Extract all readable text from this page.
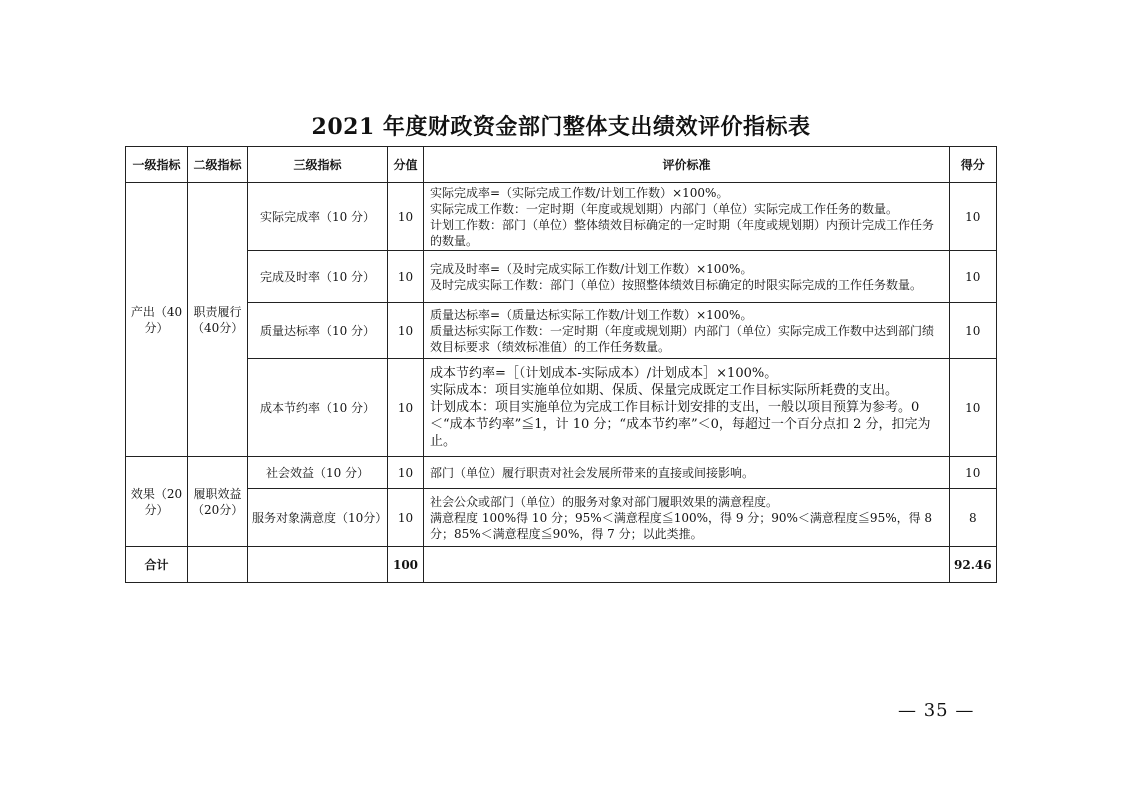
2021 年度财政资金部门整体支出绩效评价指标表
一级指标	二级指标	三级指标	分值	评价标准	得分
产出（40分）	职责履行（40分）	实际完成率（10 分）	10	实际完成率=（实际完成工作数/计划工作数）×100%。
实际完成工作数：一定时期（年度或规划期）内部门（单位）实际完成工作任务的数量。
计划工作数：部门（单位）整体绩效目标确定的一定时期（年度或规划期）内预计完成工作任务的数量。	10
		完成及时率（10 分）	10	完成及时率=（及时完成实际工作数/计划工作数）×100%。
及时完成实际工作数：部门（单位）按照整体绩效目标确定的时限实际完成的工作任务数量。	10
		质量达标率（10 分）	10	质量达标率=（质量达标实际工作数/计划工作数）×100%。
质量达标实际工作数：一定时期（年度或规划期）内部门（单位）实际完成工作数中达到部门绩效目标要求（绩效标准值）的工作任务数量。	10
		成本节约率（10 分）	10	成本节约率=［（计划成本-实际成本）/计划成本］×100%。
实际成本：项目实施单位如期、保质、保量完成既定工作目标实际所耗费的支出。
计划成本：项目实施单位为完成工作目标计划安排的支出，一般以项目预算为参考。0＜“成本节约率”≦1，计 10 分；“成本节约率”＜0，每超过一个百分点扣 2 分，扣完为止。	10
效果（20分）	履职效益（20分）	社会效益（10 分）	10	部门（单位）履行职责对社会发展所带来的直接或间接影响。	10
		服务对象满意度（10分）	10	社会公众或部门（单位）的服务对象对部门履职效果的满意程度。
满意程度 100%得 10 分；95%＜满意程度≦100%，得 9 分；90%＜满意程度≦95%，得 8 分；85%＜满意程度≦90%，得 7 分；以此类推。	8
合计			100		92.46
— 35 —
